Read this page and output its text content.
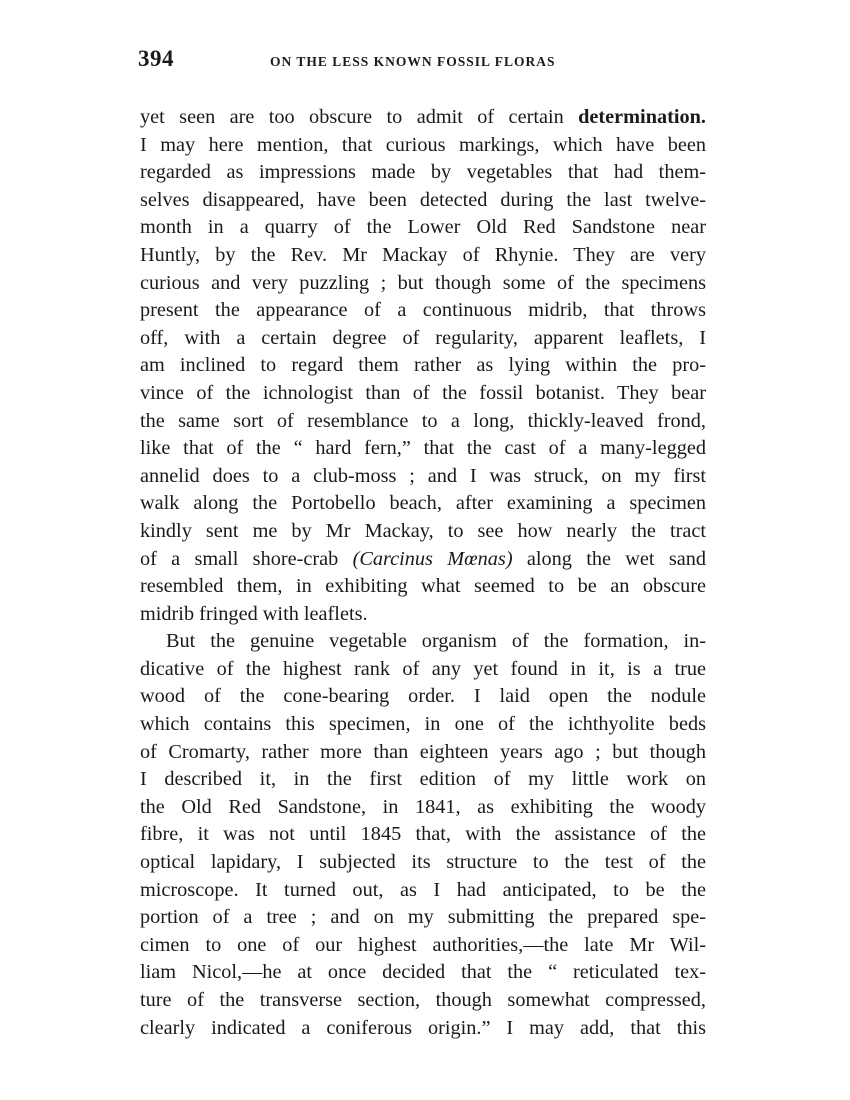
394	ON THE LESS KNOWN FOSSIL FLORAS
yet seen are too obscure to admit of certain determination.
I may here mention, that curious markings, which have been
regarded as impressions made by vegetables that had them-
selves disappeared, have been detected during the last twelve-
month in a quarry of the Lower Old Red Sandstone near
Huntly, by the Rev. Mr Mackay of Rhynie. They are very
curious and very puzzling ; but though some of the specimens
present the appearance of a continuous midrib, that throws
off, with a certain degree of regularity, apparent leaflets, I
am inclined to regard them rather as lying within the pro-
vince of the ichnologist than of the fossil botanist. They bear
the same sort of resemblance to a long, thickly-leaved frond,
like that of the “ hard fern,” that the cast of a many-legged
annelid does to a club-moss ; and I was struck, on my first
walk along the Portobello beach, after examining a specimen
kindly sent me by Mr Mackay, to see how nearly the tract
of a small shore-crab (Carcinus Mœnas) along the wet sand
resembled them, in exhibiting what seemed to be an obscure
midrib fringed with leaflets.
But the genuine vegetable organism of the formation, in-
dicative of the highest rank of any yet found in it, is a true
wood of the cone-bearing order. I laid open the nodule
which contains this specimen, in one of the ichthyolite beds
of Cromarty, rather more than eighteen years ago ; but though
I described it, in the first edition of my little work on
the Old Red Sandstone, in 1841, as exhibiting the woody
fibre, it was not until 1845 that, with the assistance of the
optical lapidary, I subjected its structure to the test of the
microscope. It turned out, as I had anticipated, to be the
portion of a tree ; and on my submitting the prepared spe-
cimen to one of our highest authorities,—the late Mr Wil-
liam Nicol,—he at once decided that the “ reticulated tex-
ture of the transverse section, though somewhat compressed,
clearly indicated a coniferous origin.” I may add, that this
